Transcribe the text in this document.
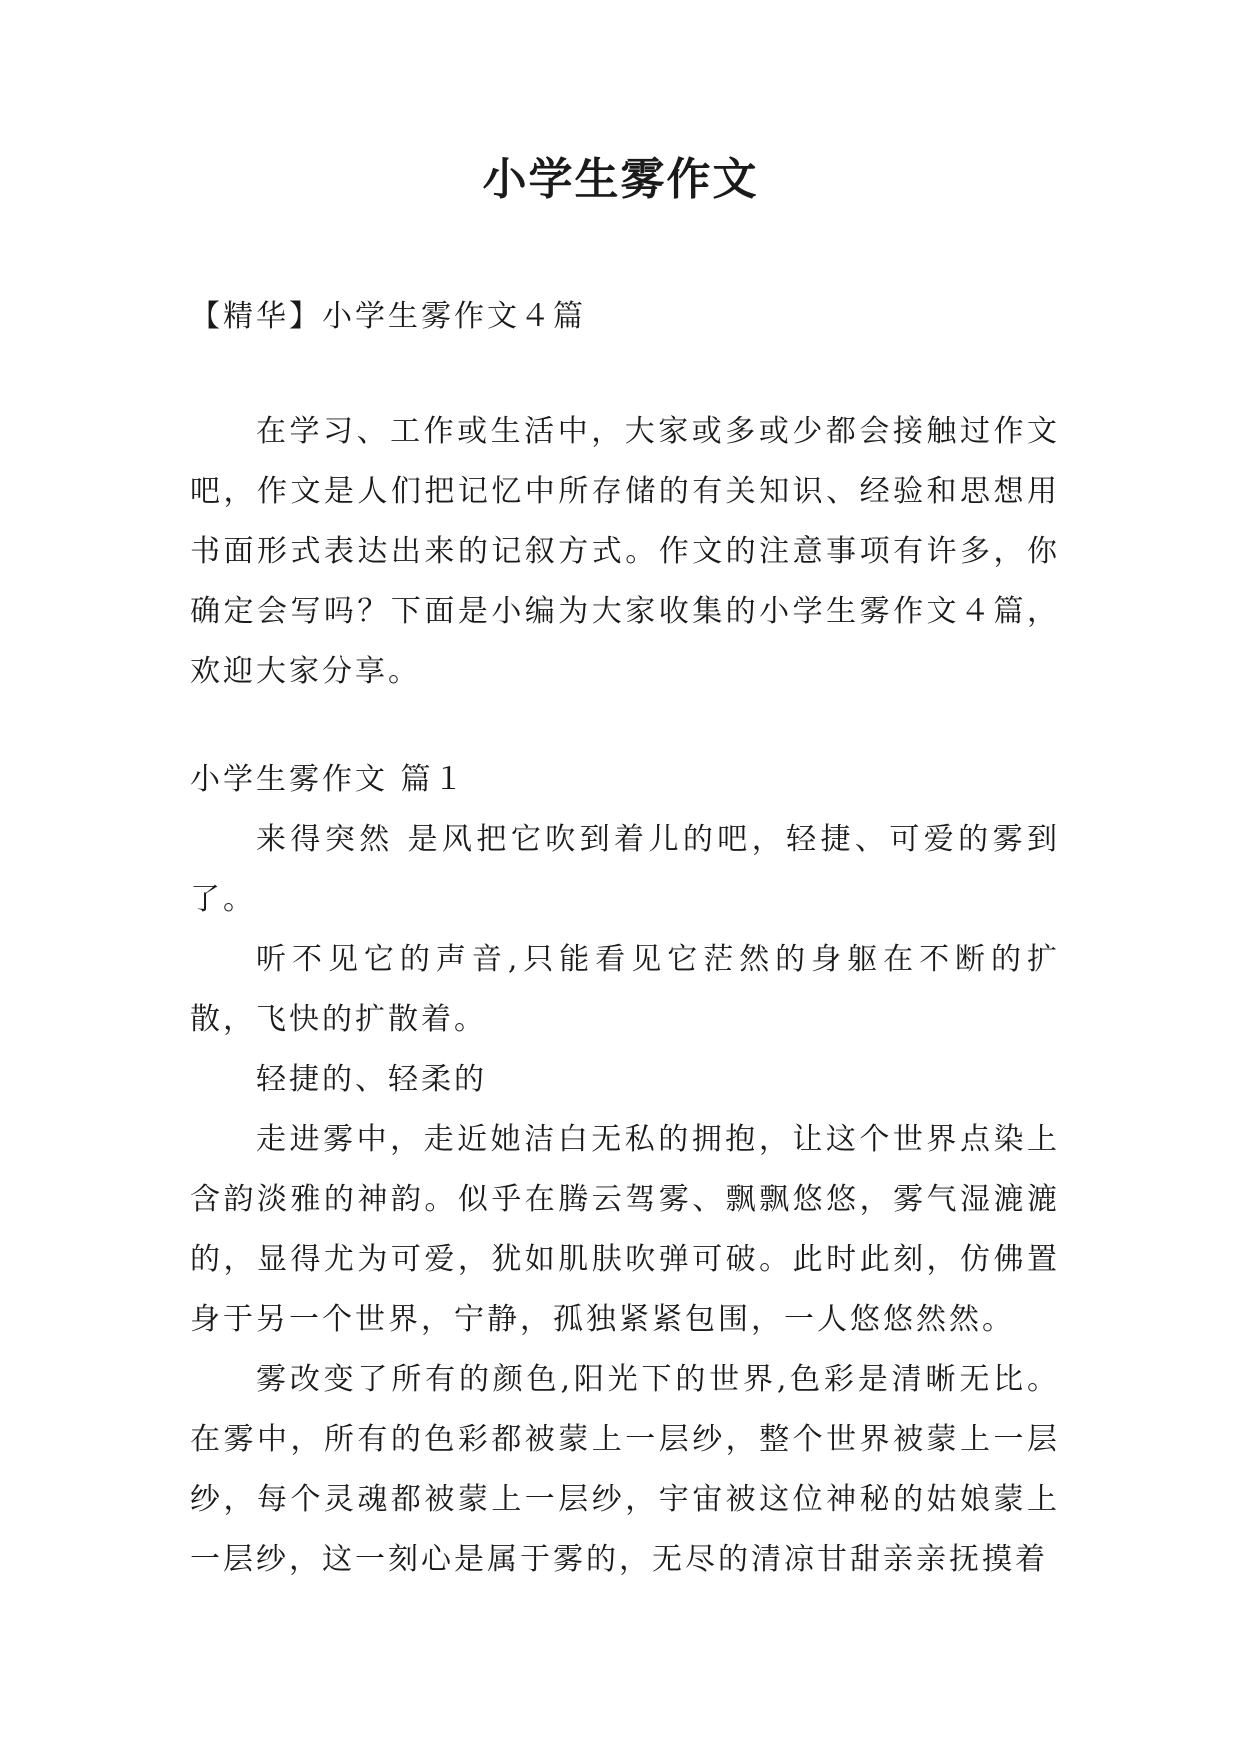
小学生雾作文

【精华】小学生雾作文４篇

在学习、工作或生活中，大家或多或少都会接触过作文吧，作文是人们把记忆中所存储的有关知识、经验和思想用书面形式表达出来的记叙方式。作文的注意事项有许多，你确定会写吗？下面是小编为大家收集的小学生雾作文４篇，欢迎大家分享。

小学生雾作文 篇１

来得突然 是风把它吹到着儿的吧，轻捷、可爱的雾到了。

听不见它的声音,只能看见它茫然的身躯在不断的扩散，飞快的扩散着。

轻捷的、轻柔的

走进雾中，走近她洁白无私的拥抱，让这个世界点染上含韵淡雅的神韵。似乎在腾云驾雾、飘飘悠悠，雾气湿漉漉的，显得尤为可爱，犹如肌肤吹弹可破。此时此刻，仿佛置身于另一个世界，宁静，孤独紧紧包围，一人悠悠然然。

雾改变了所有的颜色,阳光下的世界,色彩是清晰无比。在雾中，所有的色彩都被蒙上一层纱，整个世界被蒙上一层纱，每个灵魂都被蒙上一层纱，宇宙被这位神秘的姑娘蒙上一层纱，这一刻心是属于雾的，无尽的清凉甘甜亲亲抚摸着
